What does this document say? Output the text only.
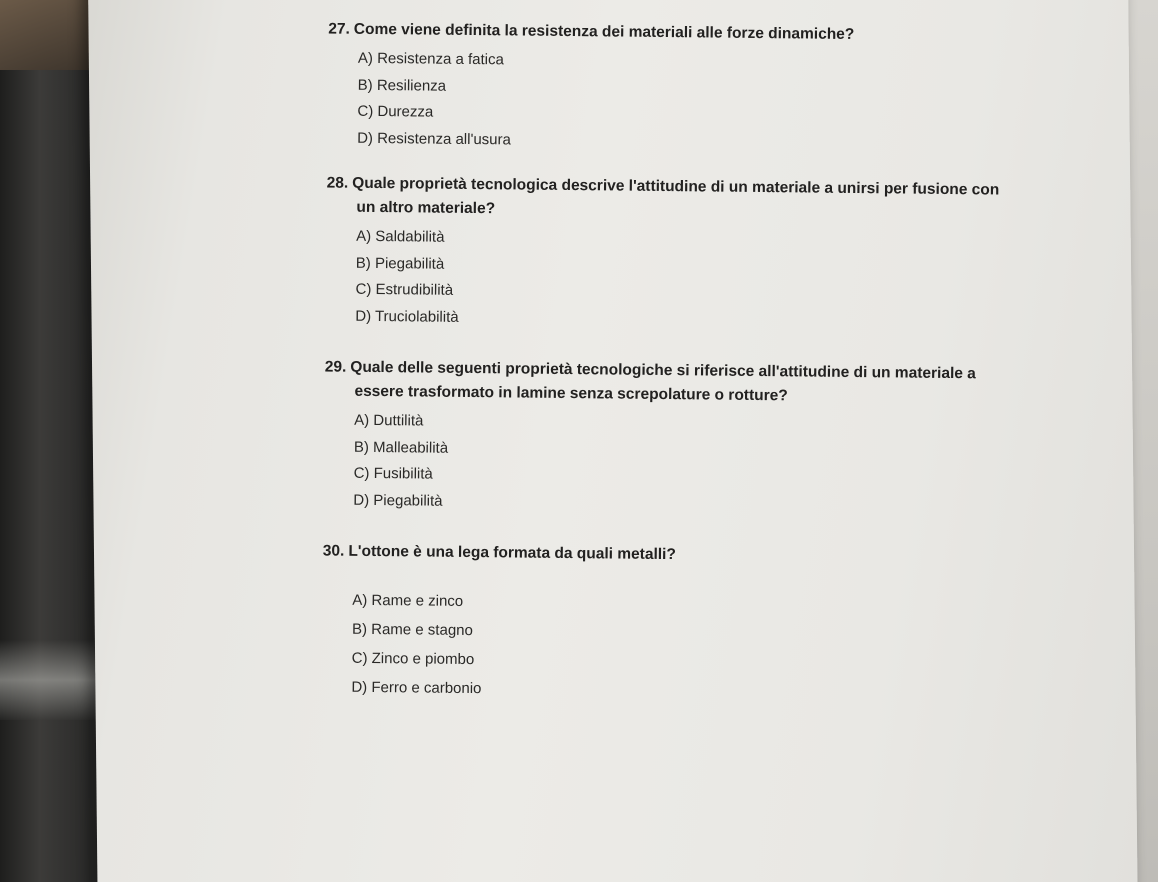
27. Come viene definita la resistenza dei materiali alle forze dinamiche?

A) Resistenza a fatica
B) Resilienza
C) Durezza
D) Resistenza all'usura

28. Quale proprietà tecnologica descrive l'attitudine di un materiale a unirsi per fusione con
un altro materiale?

A) Saldabilità
B) Piegabilità
C) Estrudibilità
D) Truciolabilità

29. Quale delle seguenti proprietà tecnologiche si riferisce all'attitudine di un materiale a
essere trasformato in lamine senza screpolature o rotture?

A) Duttilità
B) Malleabilità
C) Fusibilità
D) Piegabilità

30. L'ottone è una lega formata da quali metalli?

A) Rame e zinco
B) Rame e stagno
C) Zinco e piombo
D) Ferro e carbonio
